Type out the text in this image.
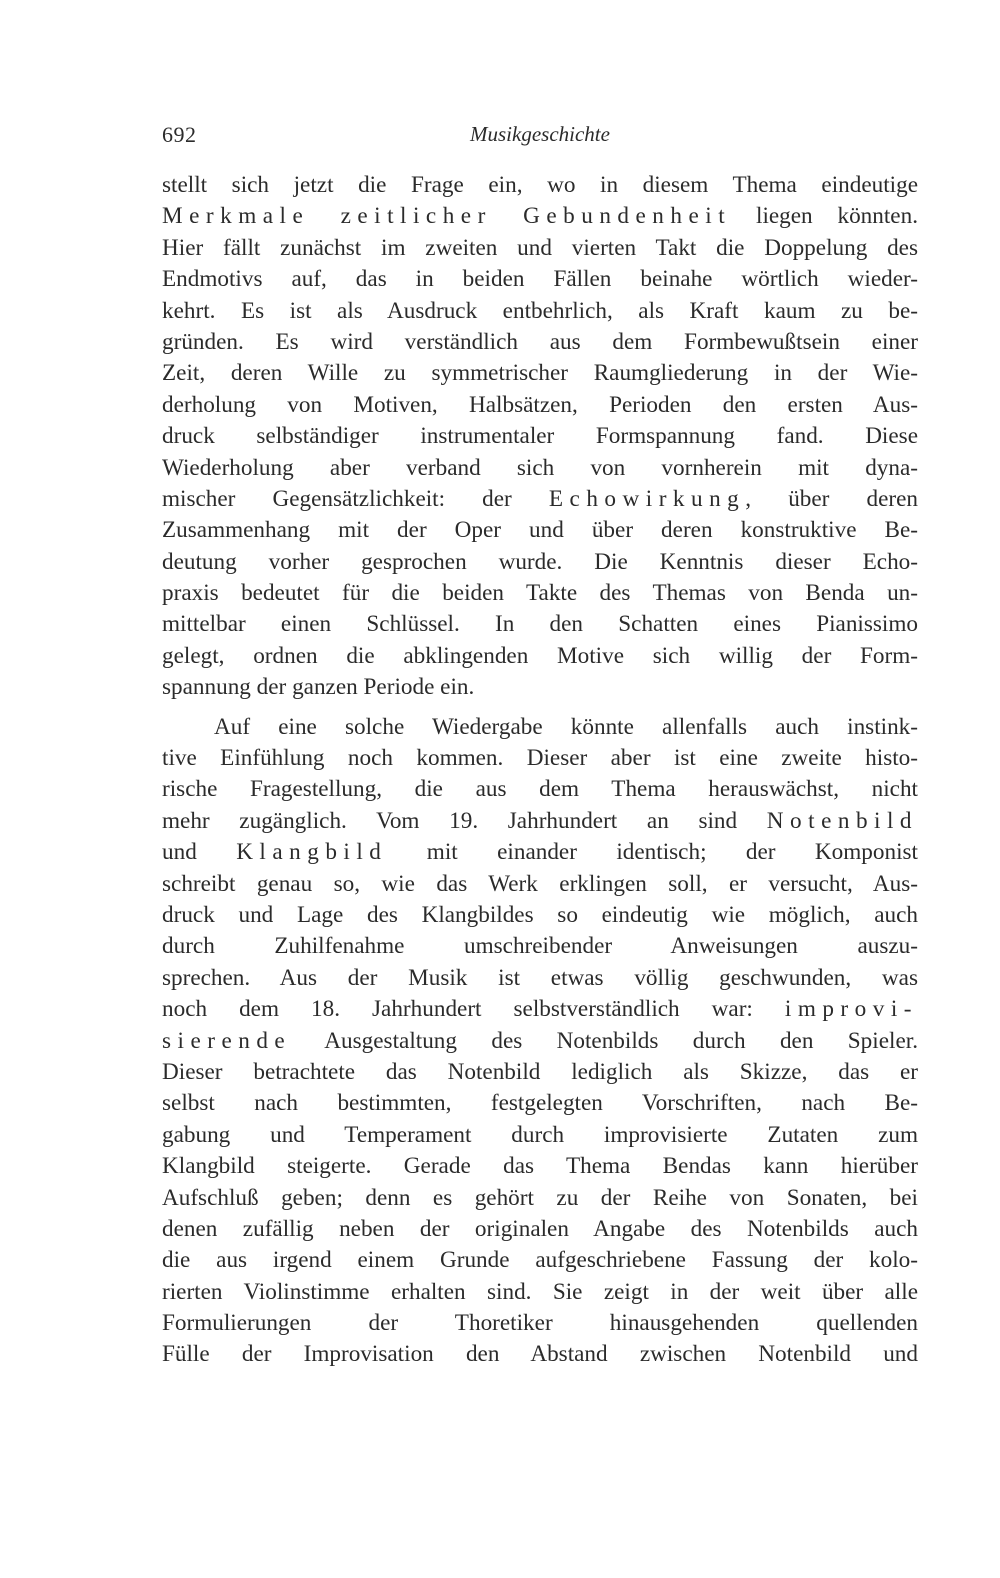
692	Musikgeschichte
stellt sich jetzt die Frage ein, wo in diesem Thema eindeutige
Merkmale zeitlicher Gebundenheit liegen könnten.
Hier fällt zunächst im zweiten und vierten Takt die Doppelung des
Endmotivs auf, das in beiden Fällen beinahe wörtlich wieder-
kehrt. Es ist als Ausdruck entbehrlich, als Kraft kaum zu be-
gründen. Es wird verständlich aus dem Formbewußtsein einer
Zeit, deren Wille zu symmetrischer Raumgliederung in der Wie-
derholung von Motiven, Halbsätzen, Perioden den ersten Aus-
druck selbständiger instrumentaler Formspannung fand. Diese
Wiederholung aber verband sich von vornherein mit dyna-
mischer Gegensätzlichkeit: der Echowirkung, über deren
Zusammenhang mit der Oper und über deren konstruktive Be-
deutung vorher gesprochen wurde. Die Kenntnis dieser Echo-
praxis bedeutet für die beiden Takte des Themas von Benda un-
mittelbar einen Schlüssel. In den Schatten eines Pianissimo
gelegt, ordnen die abklingenden Motive sich willig der Form-
spannung der ganzen Periode ein.
Auf eine solche Wiedergabe könnte allenfalls auch instink-
tive Einfühlung noch kommen. Dieser aber ist eine zweite histo-
rische Fragestellung, die aus dem Thema herauswächst, nicht
mehr zugänglich. Vom 19. Jahrhundert an sind Notenbild
und Klangbild mit einander identisch; der Komponist
schreibt genau so, wie das Werk erklingen soll, er versucht, Aus-
druck und Lage des Klangbildes so eindeutig wie möglich, auch
durch Zuhilfenahme umschreibender Anweisungen auszu-
sprechen. Aus der Musik ist etwas völlig geschwunden, was
noch dem 18. Jahrhundert selbstverständlich war: improvi-
sierende Ausgestaltung des Notenbilds durch den Spieler.
Dieser betrachtete das Notenbild lediglich als Skizze, das er
selbst nach bestimmten, festgelegten Vorschriften, nach Be-
gabung und Temperament durch improvisierte Zutaten zum
Klangbild steigerte. Gerade das Thema Bendas kann hierüber
Aufschluß geben; denn es gehört zu der Reihe von Sonaten, bei
denen zufällig neben der originalen Angabe des Notenbilds auch
die aus irgend einem Grunde aufgeschriebene Fassung der kolo-
rierten Violinstimme erhalten sind. Sie zeigt in der weit über alle
Formulierungen der Thoretiker hinausgehenden quellenden
Fülle der Improvisation den Abstand zwischen Notenbild und
